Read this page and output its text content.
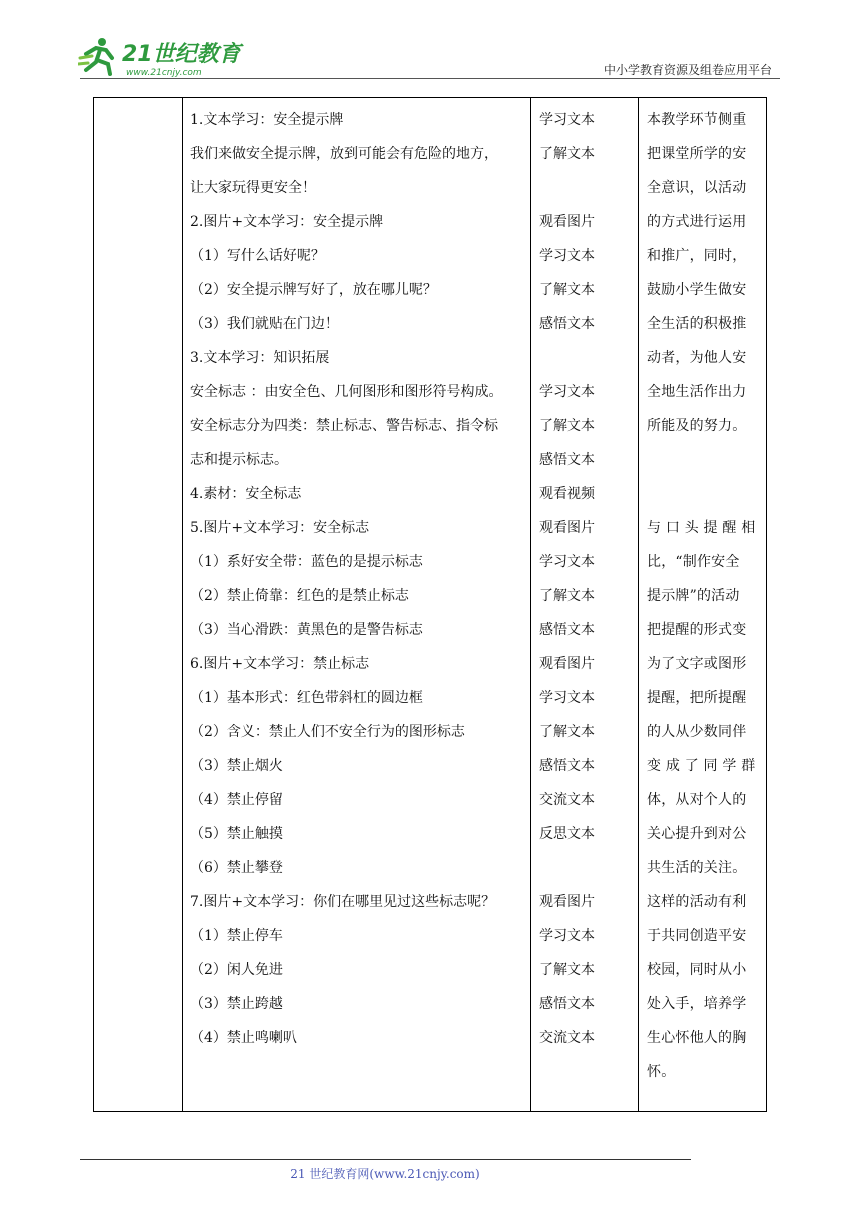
21世纪教育
www.21cnjy.com	中小学教育资源及组卷应用平台
1.文本学习：安全提示牌
我们来做安全提示牌，放到可能会有危险的地方，
让大家玩得更安全！
2.图片+文本学习：安全提示牌
（1）写什么话好呢？
（2）安全提示牌写好了，放在哪儿呢？
（3）我们就贴在门边！
3.文本学习：知识拓展
安全标志 ：由安全色、几何图形和图形符号构成。
安全标志分为四类：禁止标志、警告标志、指令标
志和提示标志。
4.素材：安全标志
5.图片+文本学习：安全标志
（1）系好安全带：蓝色的是提示标志
（2）禁止倚靠：红色的是禁止标志
（3）当心滑跌：黄黑色的是警告标志
6.图片+文本学习：禁止标志
（1）基本形式：红色带斜杠的圆边框
（2）含义：禁止人们不安全行为的图形标志
（3）禁止烟火
（4）禁止停留
（5）禁止触摸
（6）禁止攀登
7.图片+文本学习：你们在哪里见过这些标志呢？
（1）禁止停车
（2）闲人免进
（3）禁止跨越
（4）禁止鸣喇叭
学习文本
了解文本
观看图片
学习文本
了解文本
感悟文本
学习文本
了解文本
感悟文本
观看视频
观看图片
学习文本
了解文本
感悟文本
观看图片
学习文本
了解文本
感悟文本
交流文本
反思文本
观看图片
学习文本
了解文本
感悟文本
交流文本
本教学环节侧重
把课堂所学的安
全意识，以活动
的方式进行运用
和推广，同时，
鼓励小学生做安
全生活的积极推
动者，为他人安
全地生活作出力
所能及的努力。
与 口 头 提 醒 相
比，“制作安全
提示牌”的活动
把提醒的形式变
为了文字或图形
提醒，把所提醒
的人从少数同伴
变 成 了 同 学 群
体，从对个人的
关心提升到对公
共生活的关注。
这样的活动有利
于共同创造平安
校园，同时从小
处入手，培养学
生心怀他人的胸
怀。
21 世纪教育网(www.21cnjy.com)
